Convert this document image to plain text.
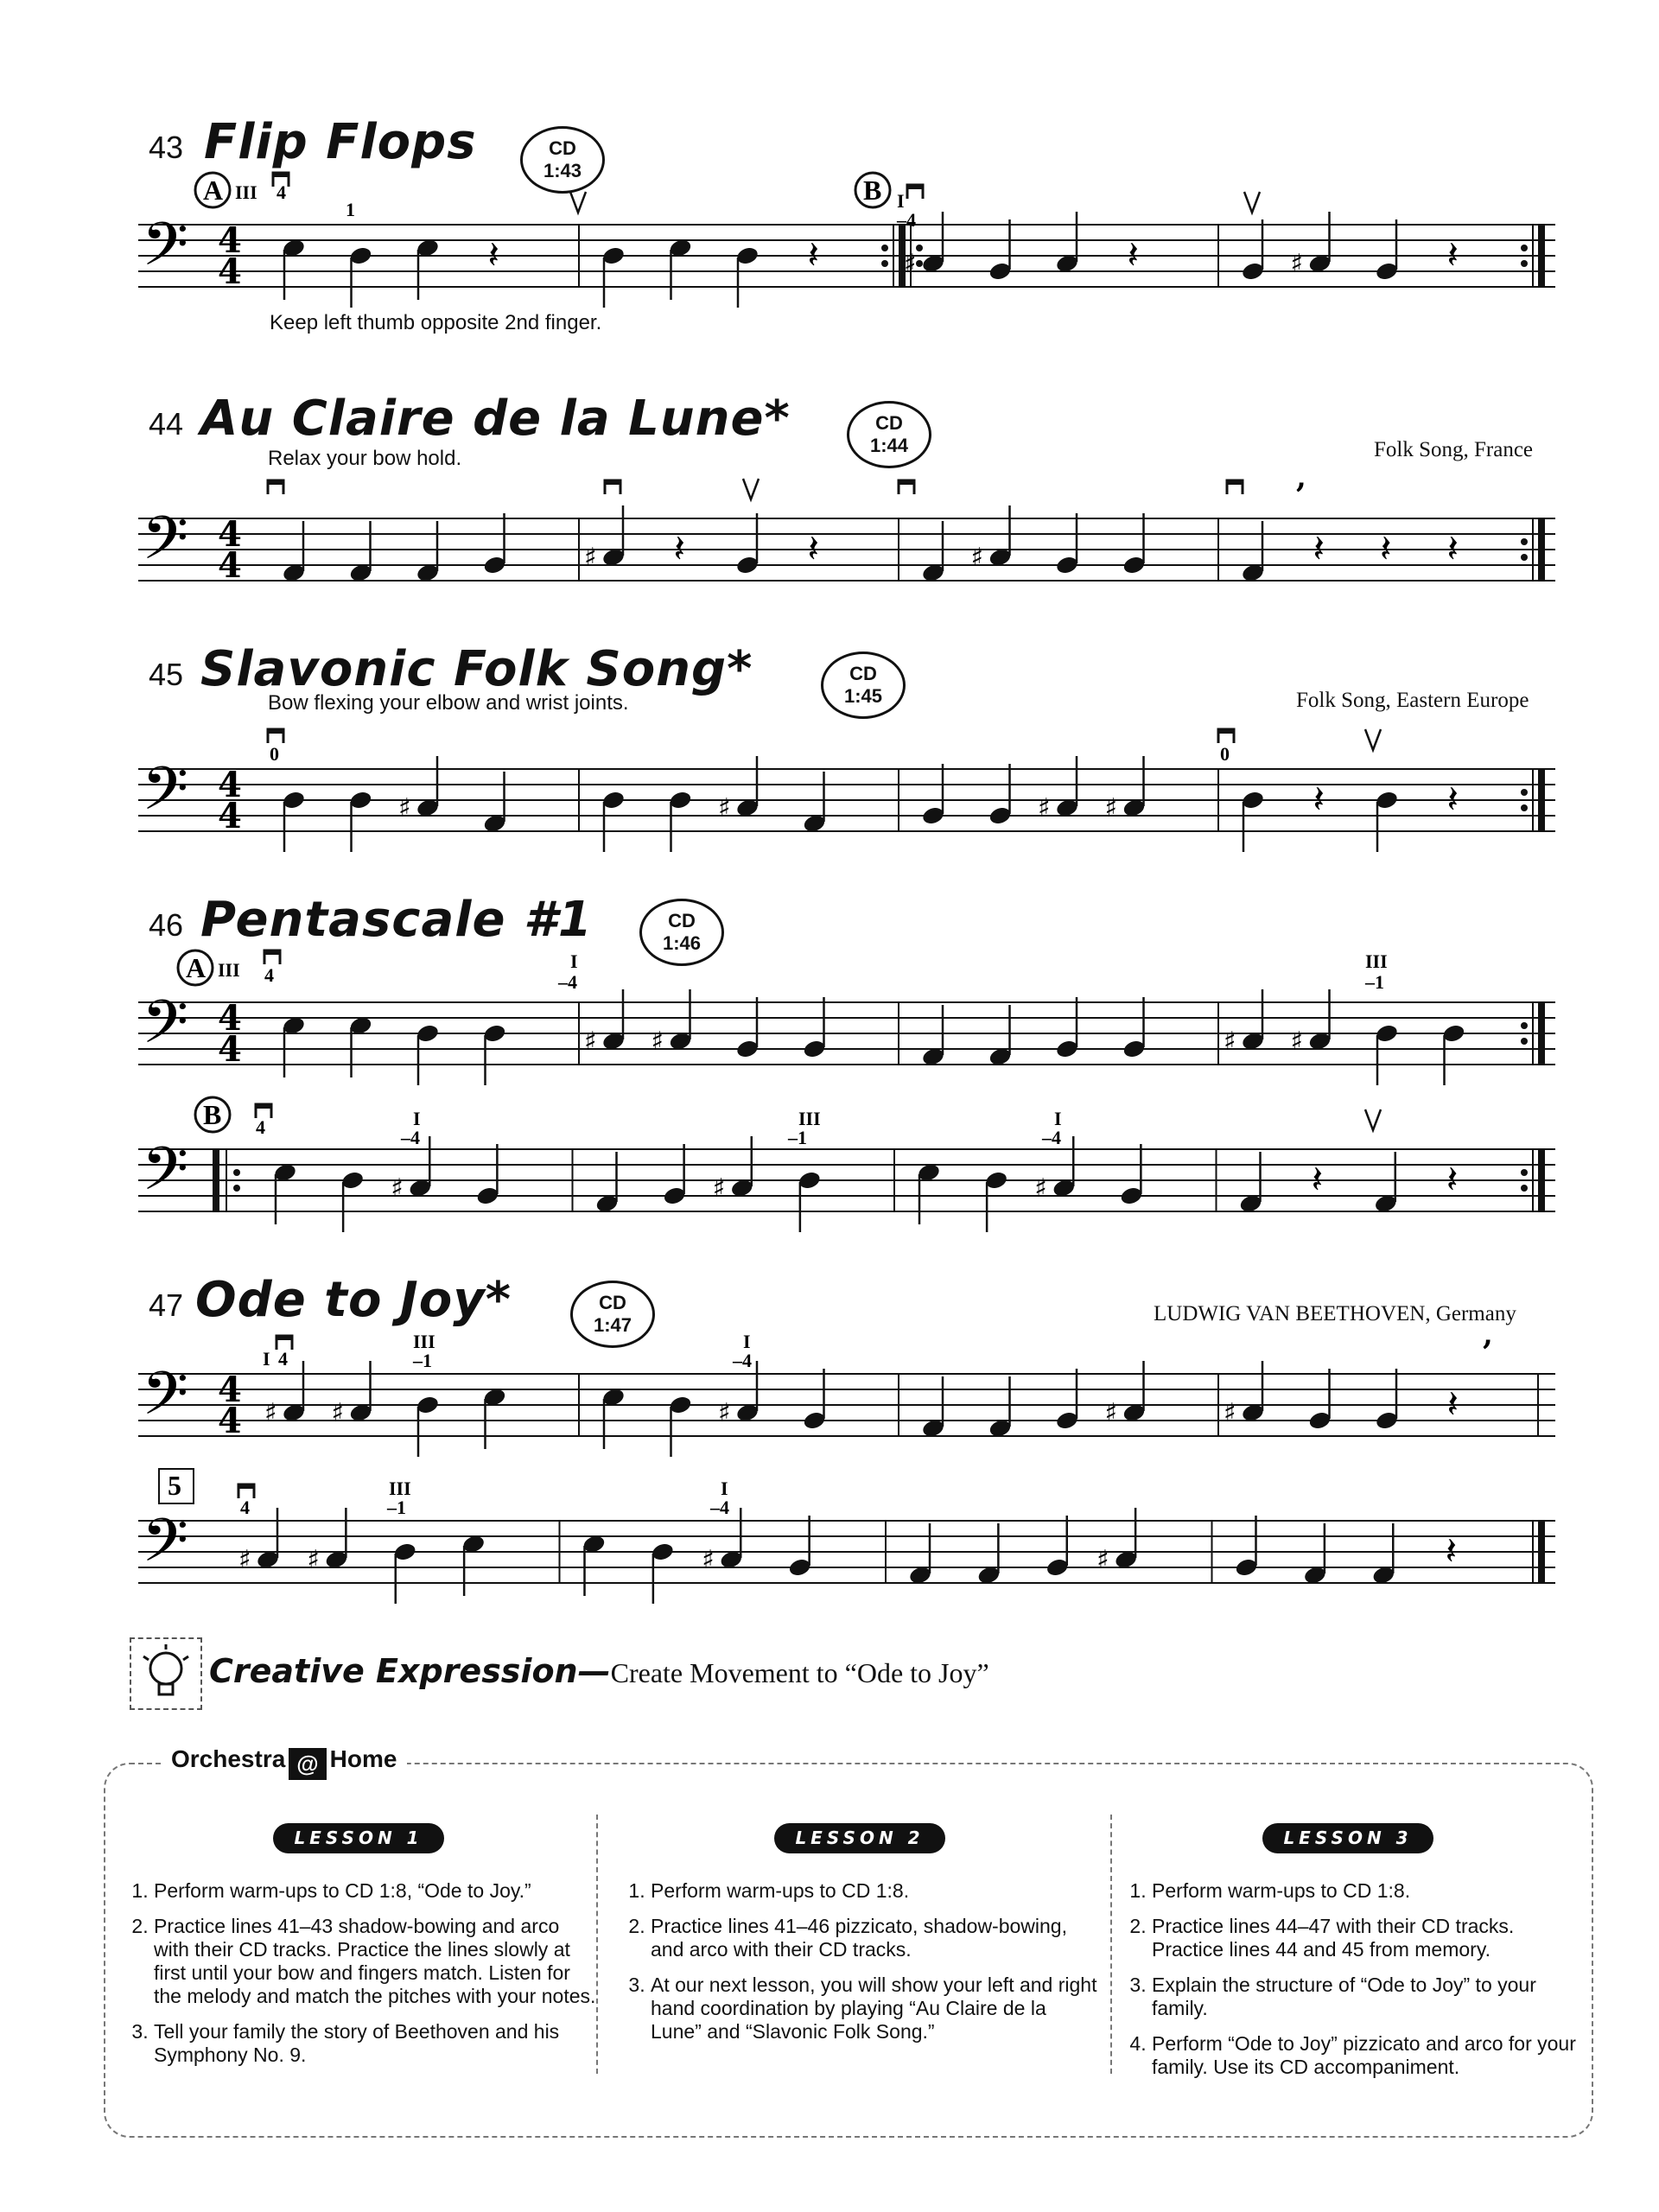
43 Flip Flops	CD 1:43
Keep left thumb opposite 2nd finger.
𝄢 4
4	𝄽	𝄽	♯	𝄽	♯	𝄽
A III 4
1
B I
–4
44 Au Claire de la Lune*	CD 1:44
Relax your bow hold.	Folk Song, France
𝄢 4
4	♯ 𝄽	𝄽	♯	𝄽 𝄽 𝄽
,
45 Slavonic Folk Song*	CD 1:45
Bow flexing your elbow and wrist joints.	Folk Song, Eastern Europe
𝄢 4
4	♯	♯	♯ ♯	𝄽	𝄽
0	0
46 Pentascale #1	CD 1:46
𝄢 4
4	♯ ♯	♯ ♯
A III 4
I
–4
III
–1
𝄢	♯	♯	♯	𝄽	𝄽
B 4	I
–4
III
–1
I
–4
47 Ode to Joy*	CD 1:47	LUDWIG VAN BEETHOVEN, Germany
𝄢 4
4 ♯ ♯	♯	♯	♯	𝄽
I 4
III
–1
I
–4
,
𝄢 ♯ ♯	♯	♯	𝄽
5
4
III
–1
I
–4
Creative Expression—Create Movement to “Ode to Joy”
Orchestra @ Home
LESSON 1
1. Perform warm-ups to CD 1:8, “Ode to Joy.”
2. Practice lines 41–43 shadow-bowing and arco with their CD tracks. Practice the lines slowly at first until your bow and fingers match. Listen for the melody and match the pitches with your notes.
3. Tell your family the story of Beethoven and his Symphony No. 9.
LESSON 2
1. Perform warm-ups to CD 1:8.
2. Practice lines 41–46 pizzicato, shadow-bowing, and arco with their CD tracks.
3. At our next lesson, you will show your left and right hand coordination by playing “Au Claire de la Lune” and “Slavonic Folk Song.”
LESSON 3
1. Perform warm-ups to CD 1:8.
2. Practice lines 44–47 with their CD tracks. Practice lines 44 and 45 from memory.
3. Explain the structure of “Ode to Joy” to your family.
4. Perform “Ode to Joy” pizzicato and arco for your family. Use its CD accompaniment.
